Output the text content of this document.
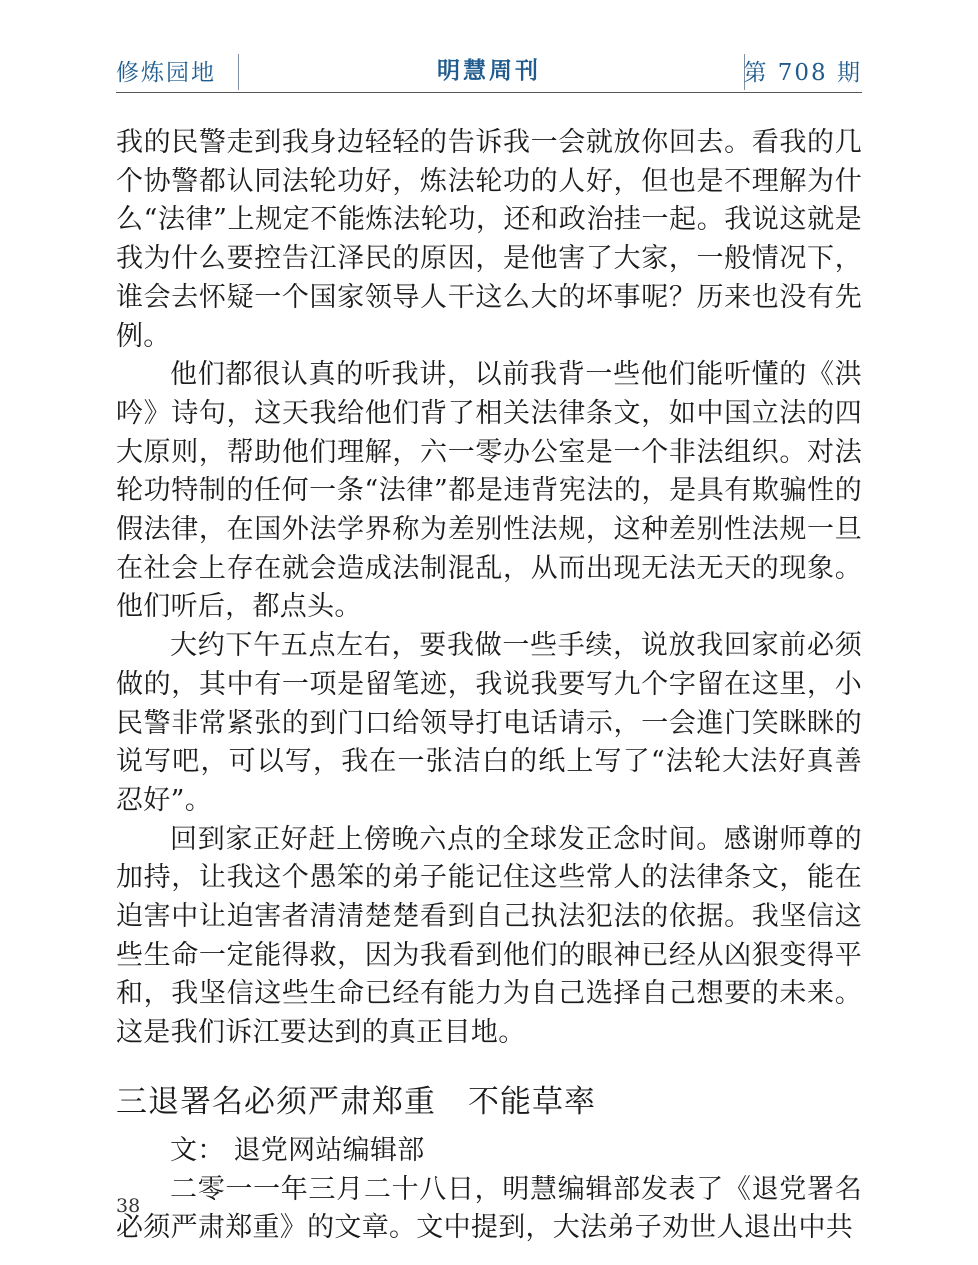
修炼园地	明慧周刊	第 708 期

我的民警走到我身边轻轻的告诉我一会就放你回去。看我的几个协警都认同法轮功好，炼法轮功的人好，但也是不理解为什么“法律”上规定不能炼法轮功，还和政治挂一起。我说这就是我为什么要控告江泽民的原因，是他害了大家，一般情况下，谁会去怀疑一个国家领导人干这么大的坏事呢？历来也没有先例。

他们都很认真的听我讲，以前我背一些他们能听懂的《洪吟》诗句，这天我给他们背了相关法律条文，如中国立法的四大原则，帮助他们理解，六一零办公室是一个非法组织。对法轮功特制的任何一条“法律”都是违背宪法的，是具有欺骗性的假法律，在国外法学界称为差别性法规，这种差别性法规一旦在社会上存在就会造成法制混乱，从而出现无法无天的现象。他们听后，都点头。

大约下午五点左右，要我做一些手续，说放我回家前必须做的，其中有一项是留笔迹，我说我要写九个字留在这里，小民警非常紧张的到门口给领导打电话请示，一会進门笑眯眯的说写吧，可以写，我在一张洁白的纸上写了“法轮大法好真善忍好”。

回到家正好赶上傍晚六点的全球发正念时间。感谢师尊的加持，让我这个愚笨的弟子能记住这些常人的法律条文，能在迫害中让迫害者清清楚楚看到自己执法犯法的依据。我坚信这些生命一定能得救，因为我看到他们的眼神已经从凶狠变得平和，我坚信这些生命已经有能力为自己选择自己想要的未来。这是我们诉江要达到的真正目地。

三退署名必须严肃郑重　不能草率

文： 退党网站编辑部

二零一一年三月二十八日，明慧编辑部发表了《退党署名必须严肃郑重》的文章。文中提到，大法弟子劝世人退出中共

38
